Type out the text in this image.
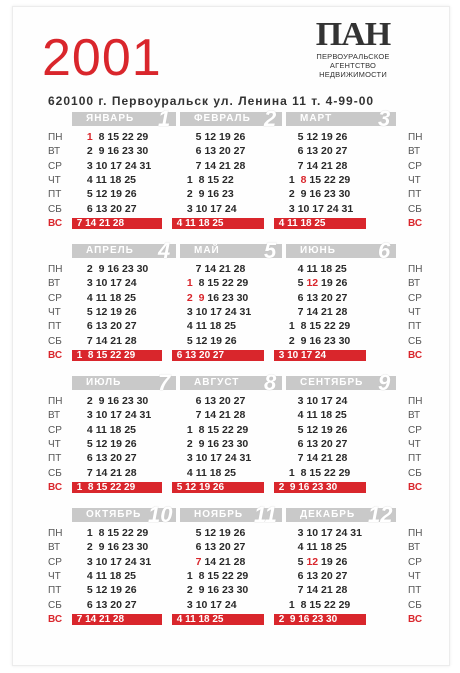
2001	ПАН
ПЕРВОУРАЛЬСКОЕ
АГЕНТСТВО
НЕДВИЖИМОСТИ
620100 г. Первоуральск ул. Ленина 11 т. 4-99-00
ПН	ПН
ВТ	ВТ
СР	СР
ЧТ	ЧТ
ПТ	ПТ
СБ	СБ
ВС	ВС
ЯНВАРЬ 1
1 8 15 22 29
2 9 16 23 30
3 10 17 24 31
4 11 18 25
5 12 19 26
6 13 20 27
7 14 21 28
ФЕВРАЛЬ 2
5 12 19 26
6 13 20 27
7 14 21 28
1 8 15 22
2 9 16 23
3 10 17 24
4 11 18 25
МАРТ 3
5 12 19 26
6 13 20 27
7 14 21 28
1 8 15 22 29
2 9 16 23 30
3 10 17 24 31
4 11 18 25
ПН	ПН
ВТ	ВТ
СР	СР
ЧТ	ЧТ
ПТ	ПТ
СБ	СБ
ВС	ВС
АПРЕЛЬ 4
2 9 16 23 30
3 10 17 24
4 11 18 25
5 12 19 26
6 13 20 27
7 14 21 28
1  8 15 22 29
МАЙ 5
7 14 21 28
1 8 15 22 29
2 9 16 23 30
3 10 17 24 31
4 11 18 25
5 12 19 26
6 13 20 27
ИЮНЬ 6
4 11 18 25
5 12 19 26
6 13 20 27
7 14 21 28
1 8 15 22 29
2 9 16 23 30
3 10 17 24
ПН	ПН
ВТ	ВТ
СР	СР
ЧТ	ЧТ
ПТ	ПТ
СБ	СБ
ВС	ВС
ИЮЛЬ 7
2 9 16 23 30
3 10 17 24 31
4 11 18 25
5 12 19 26
6 13 20 27
7 14 21 28
1  8 15 22 29
АВГУСТ 8
6 13 20 27
7 14 21 28
1 8 15 22 29
2 9 16 23 30
3 10 17 24 31
4 11 18 25
5 12 19 26
СЕНТЯБРЬ 9
3 10 17 24
4 11 18 25
5 12 19 26
6 13 20 27
7 14 21 28
1 8 15 22 29
2  9 16 23 30
ПН	ПН
ВТ	ВТ
СР	СР
ЧТ	ЧТ
ПТ	ПТ
СБ	СБ
ВС	ВС
ОКТЯБРЬ 10
1 8 15 22 29
2 9 16 23 30
3 10 17 24 31
4 11 18 25
5 12 19 26
6 13 20 27
7 14 21 28
НОЯБРЬ 11
5 12 19 26
6 13 20 27
7 14 21 28
1 8 15 22 29
2 9 16 23 30
3 10 17 24
4 11 18 25
ДЕКАБРЬ 12
3 10 17 24 31
4 11 18 25
5 12 19 26
6 13 20 27
7 14 21 28
1 8 15 22 29
2  9 16 23 30
